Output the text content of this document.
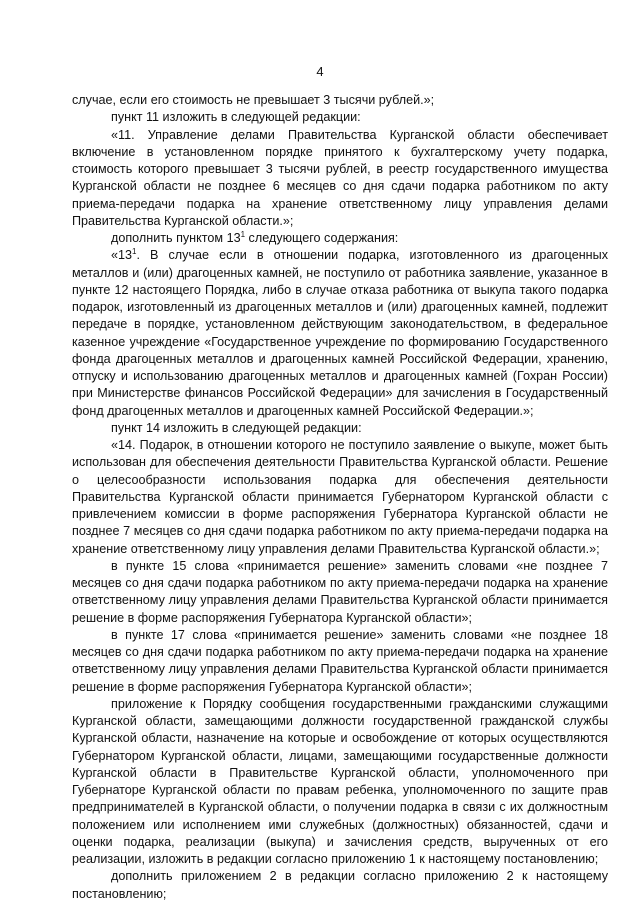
4

случае, если его стоимость не превышает 3 тысячи рублей.»;

пункт 11 изложить в следующей редакции:

«11. Управление делами Правительства Курганской области обеспечивает включение в установленном порядке принятого к бухгалтерскому учету подарка, стоимость которого превышает 3 тысячи рублей, в реестр государственного имущества Курганской области не позднее 6 месяцев со дня сдачи подарка работником по акту приема-передачи подарка на хранение ответственному лицу управления делами Правительства Курганской области.»;

дополнить пунктом $13^1$ следующего содержания:

«$13^1$. В случае если в отношении подарка, изготовленного из драгоценных металлов и (или) драгоценных камней, не поступило от работника заявление, указанное в пункте 12 настоящего Порядка, либо в случае отказа работника от выкупа такого подарка подарок, изготовленный из драгоценных металлов и (или) драгоценных камней, подлежит передаче в порядке, установленном действующим законодательством, в федеральное казенное учреждение «Государственное учреждение по формированию Государственного фонда драгоценных металлов и драгоценных камней Российской Федерации, хранению, отпуску и использованию драгоценных металлов и драгоценных камней (Гохран России) при Министерстве финансов Российской Федерации» для зачисления в Государственный фонд драгоценных металлов и драгоценных камней Российской Федерации.»;

пункт 14 изложить в следующей редакции:

«14. Подарок, в отношении которого не поступило заявление о выкупе, может быть использован для обеспечения деятельности Правительства Курганской области. Решение о целесообразности использования подарка для обеспечения деятельности Правительства Курганской области принимается Губернатором Курганской области с привлечением комиссии в форме распоряжения Губернатора Курганской области не позднее 7 месяцев со дня сдачи подарка работником по акту приема-передачи подарка на хранение ответственному лицу управления делами Правительства Курганской области.»;

в пункте 15 слова «принимается решение» заменить словами «не позднее 7 месяцев со дня сдачи подарка работником по акту приема-передачи подарка на хранение ответственному лицу управления делами Правительства Курганской области принимается решение в форме распоряжения Губернатора Курганской области»;

в пункте 17 слова «принимается решение» заменить словами «не позднее 18 месяцев со дня сдачи подарка работником по акту приема-передачи подарка на хранение ответственному лицу управления делами Правительства Курганской области принимается решение в форме распоряжения Губернатора Курганской области»;

приложение к Порядку сообщения государственными гражданскими служащими Курганской области, замещающими должности государственной гражданской службы Курганской области, назначение на которые и освобождение от которых осуществляются Губернатором Курганской области, лицами, замещающими государственные должности Курганской области в Правительстве Курганской области, уполномоченного при Губернаторе Курганской области по правам ребенка, уполномоченного по защите прав предпринимателей в Курганской области, о получении подарка в связи с их должностным положением или исполнением ими служебных (должностных) обязанностей, сдачи и оценки подарка, реализации (выкупа) и зачисления средств, вырученных от его реализации, изложить в редакции согласно приложению 1 к настоящему постановлению;

дополнить приложением 2 в редакции согласно приложению 2 к настоящему постановлению;
